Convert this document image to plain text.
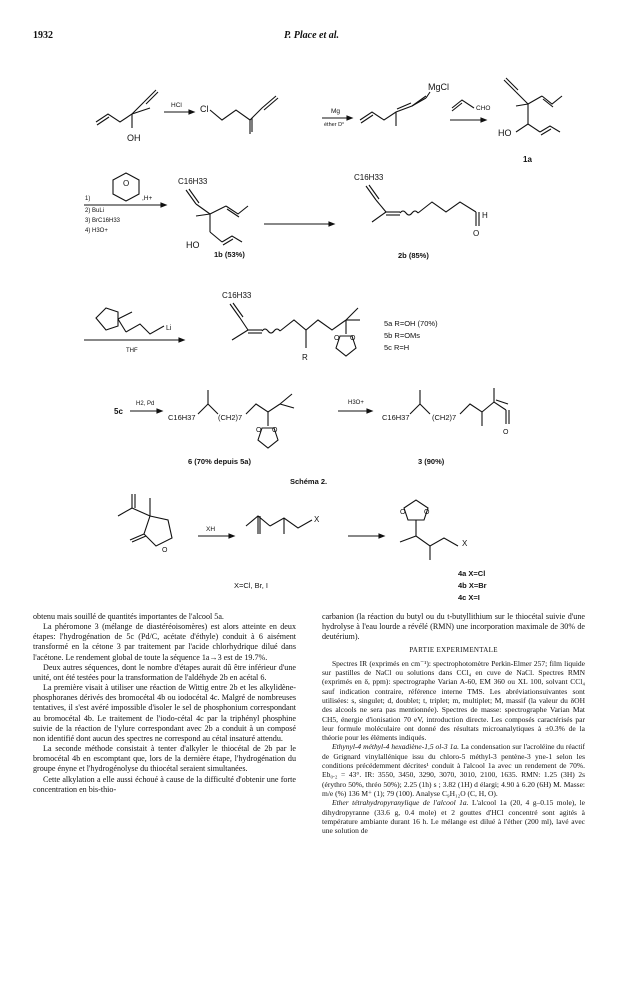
1932	P. Place et al.
OH
HCl Cl	Mg
éther D°
MgCl
CHO
HO
1a
O
,H+
1)
2) BuLi
3) BrC16H33
4) H3O+
C16H33
HO
1b (53%)
C16H33
H
O
2b (85%)
Li
THF
C16H33
R
O O
5a R=OH (70%)
5b R=OMs
5c R=H
5c
H2, Pd
C16H37	(CH2)7
O O
6 (70% depuis 5a)
H3O+
C16H37	(CH2)7
O
3 (90%)
Schéma 2.
O
XH
X
X=Cl, Br, I
O	O
X
4a X=Cl
4b X=Br
4c X=I

obtenu mais souillé de quantités importantes de l'alcool 5a.

La phéromone 3 (mélange de diastéréoisomères) est alors atteinte en deux étapes: l'hydrogénation de 5c (Pd/C, acétate d'éthyle) conduit à 6 aisément transformé en la cétone 3 par traitement par l'acide chlorhydrique dilué dans l'acétone. Le rendement global de toute la séquence 1a→3 est de 19.7%.

Deux autres séquences, dont le nombre d'étapes aurait dû être inférieur d'une unité, ont été testées pour la transformation de l'aldéhyde 2b en acétal 6.

La première visait à utiliser une réaction de Wittig entre 2b et les alkylidène-phosphoranes dérivés des bromocétal 4b ou iodocétal 4c. Malgré de nombreuses tentatives, il s'est avéré impossible d'isoler le sel de phosphonium correspondant au bromocétal 4b. Le traitement de l'iodo-cétal 4c par la triphényl phosphine suivie de la réaction de l'ylure correspondant avec 2b a conduit à un composé non identifié dont aucun des spectres ne correspond au cétal insaturé attendu.

La seconde méthode consistait à tenter d'alkyler le thiocétal de 2b par le bromocétal 4b en escomptant que, lors de la dernière étape, l'hydrogénation du groupe ényne et l'hydrogénolyse du thiocétal seraient simultanées.

Cette alkylation a elle aussi échoué à cause de la difficulté d'obtenir une forte concentration en bis-thio-

carbanion (la réaction du butyl ou du t-butyllithium sur le thiocétal suivie d'une hydrolyse à l'eau lourde a révélé (RMN) une incorporation maximale de 30% de deutérium).

PARTIE EXPERIMENTALE

Spectres IR (exprimés en cm⁻¹): spectrophotomètre Perkin-Elmer 257; film liquide sur pastilles de NaCl ou solutions dans CCl₄ en cuve de NaCl. Spectres RMN (exprimés en δ, ppm): spectrographe Varian A-60, EM 360 ou XL 100, solvant CCl₄ sauf indication contraire, référence interne TMS. Les abréviationsuivantes sont utilisées: s, singulet; d, doublet; t, triplet; m, multiplet; M, massif (la valeur du δOH des alcools ne sera pas mentionnée). Spectres de masse: spectrographe Varian Mat CH5, énergie d'ionisation 70 eV, introduction directe. Les composés caractérisés par leur formule moléculaire ont donné des résultats microanalytiques à ±0.3% de la théorie pour les éléments indiqués.

Ethynyl-4 méthyl-4 hexadiène-1,5 ol-3 1a. La condensation sur l'acroléine du réactif de Grignard vinylallénique issu du chloro-5 méthyl-3 pentène-3 yne-1 selon les conditions précédemment décrites¹ conduit à l'alcool 1a avec un rendement de 70%. Eb₀.₂ = 43°. IR: 3550, 3450, 3290, 3070, 3010, 2100, 1635. RMN: 1.25 (3H) 2s (érythro 50%, thréo 50%); 2.25 (1h) s ; 3.82 (1H) d élargi; 4.90 à 6.20 (6H) M. Masse: m/e (%) 136 M⁺ (1); 79 (100). Analyse C₉H₁₂O (C, H, O).

Ether tétrahydropyranylique de l'alcool 1a. L'alcool 1a (20, 4 g–0.15 mole), le dihydropyranne (33.6 g, 0.4 mole) et 2 gouttes d'HCl concentré sont agités à température ambiante durant 16 h. Le mélange est dilué à l'éther (200 ml), lavé avec une solution de
